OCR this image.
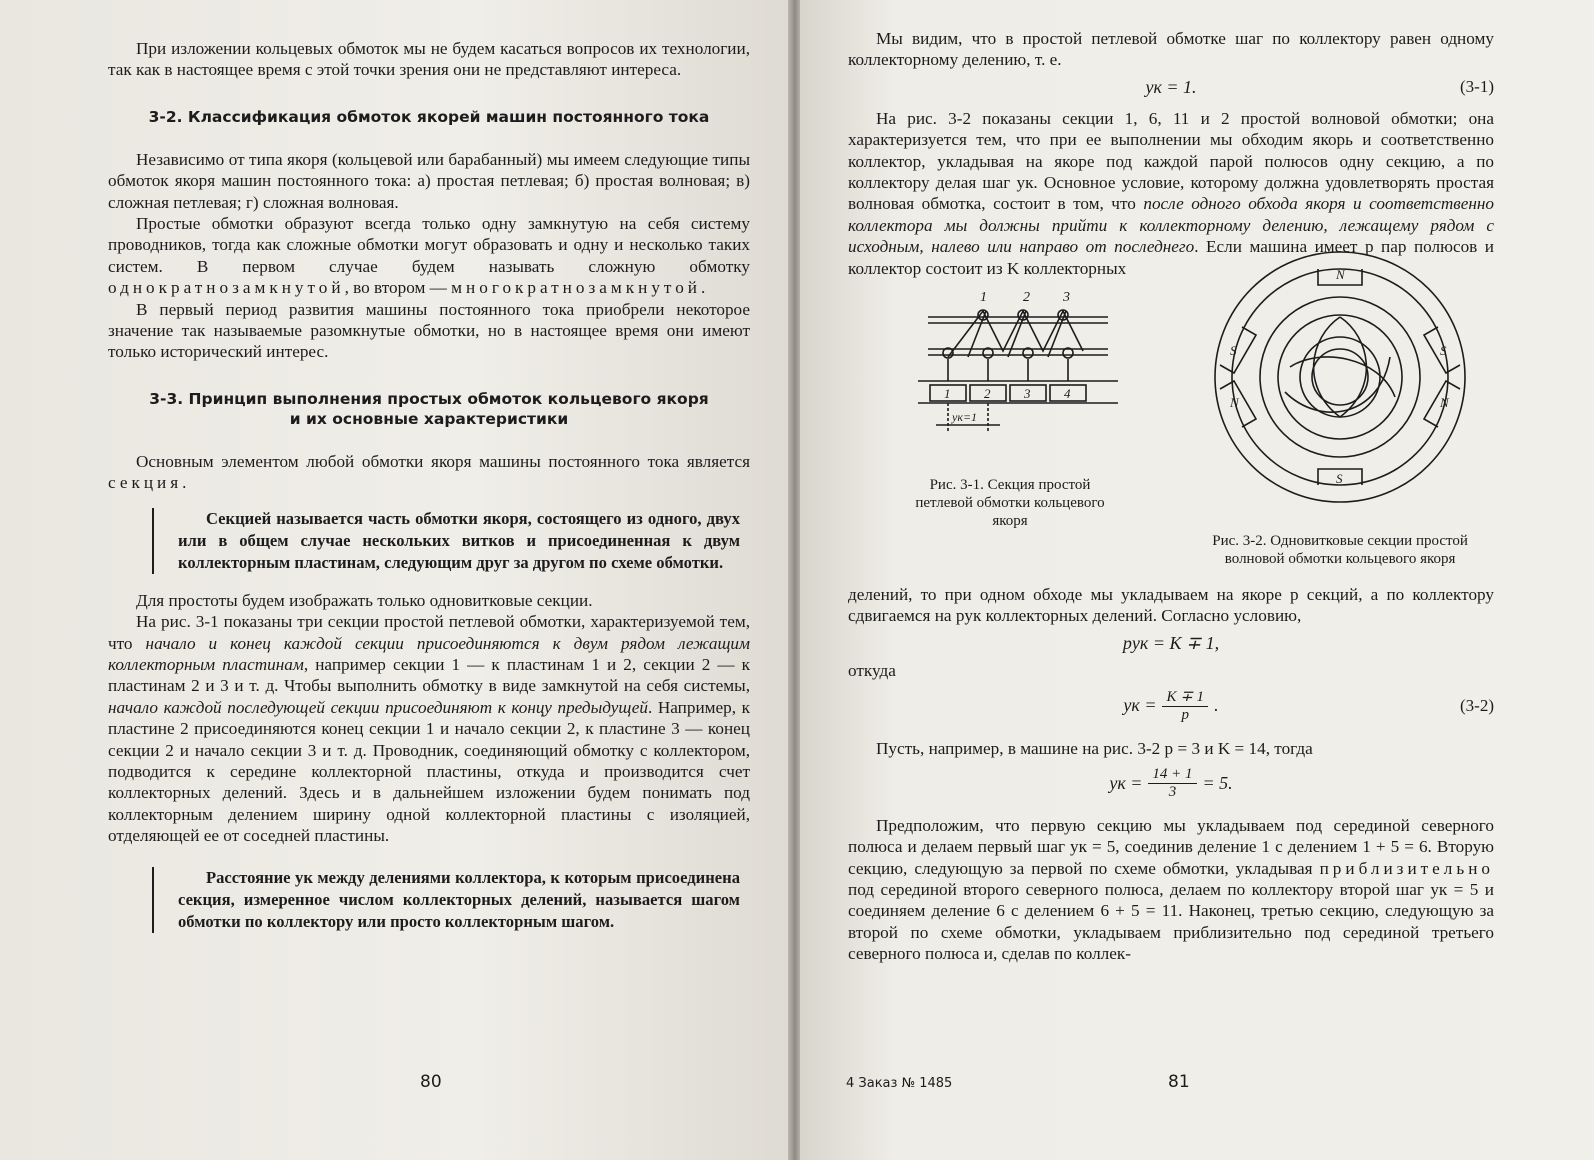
При изложении кольцевых обмоток мы не будем касаться вопросов их технологии, так как в настоящее время с этой точки зрения они не представляют интереса.

3-2. Классификация обмоток якорей машин постоянного тока

Независимо от типа якоря (кольцевой или барабанный) мы имеем следующие типы обмоток якоря машин постоянного тока: а) простая петлевая; б) простая волновая; в) сложная петлевая; г) сложная волновая.

Простые обмотки образуют всегда только одну замкнутую на себя систему проводников, тогда как сложные обмотки могут образовать и одну и несколько таких систем. В первом случае будем называть сложную обмотку однократнозамкнутой, во втором — многократнозамкнутой.

В первый период развития машины постоянного тока приобрели некоторое значение так называемые разомкнутые обмотки, но в настоящее время они имеют только исторический интерес.

3-3. Принцип выполнения простых обмоток кольцевого якоря
и их основные характеристики

Основным элементом любой обмотки якоря машины постоянного тока является секция.

Секцией называется часть обмотки якоря, состоящего из одного, двух или в общем случае нескольких витков и присоединенная к двум коллекторным пластинам, следующим друг за другом по схеме обмотки.

Для простоты будем изображать только одновитковые секции.

На рис. 3-1 показаны три секции простой петлевой обмотки, характеризуемой тем, что начало и конец каждой секции присоединяются к двум рядом лежащим коллекторным пластинам, например секции 1 — к пластинам 1 и 2, секции 2 — к пластинам 2 и 3 и т. д. Чтобы выполнить обмотку в виде замкнутой на себя системы, начало каждой последующей секции присоединяют к концу предыдущей. Например, к пластине 2 присоединяются конец секции 1 и начало секции 2, к пластине 3 — конец секции 2 и начало секции 3 и т. д. Проводник, соединяющий обмотку с коллектором, подводится к середине коллекторной пластины, откуда и производится счет коллекторных делений. Здесь и в дальнейшем изложении будем понимать под коллекторным делением ширину одной коллекторной пластины с изоляцией, отделяющей ее от соседней пластины.

Расстояние yк между делениями коллектора, к которым присоединена секция, измеренное числом коллекторных делений, называется шагом обмотки по коллектору или просто коллекторным шагом.

80

Мы видим, что в простой петлевой обмотке шаг по коллектору равен одному коллекторному делению, т. е.

yк = 1.	(3-1)

На рис. 3-2 показаны секции 1, 6, 11 и 2 простой волновой обмотки; она характеризуется тем, что при ее выполнении мы обходим якорь и соответственно коллектор, укладывая на якоре под каждой парой полюсов одну секцию, а по коллектору делая шаг yк. Основное условие, которому должна удовлетворять простая волновая обмотка, состоит в том, что после одного обхода якоря и соответственно коллектора мы должны прийти к коллекторному делению, лежащему рядом с исходным, налево или направо от последнего. Если машина имеет p пар полюсов и коллектор состоит из K коллекторных

1	2 3
1	2	3	4
yк=1
Рис. 3-1. Секция простой петлевой обмотки кольцевого якоря
N
S	S
N	N
S
Рис. 3-2. Одновитковые секции простой волновой обмотки кольцевого якоря

делений, то при одном обходе мы укладываем на якоре p секций, а по коллектору сдвигаемся на pyк коллекторных делений. Согласно условию,

pyк = K ∓ 1,

откуда

yк = $\frac{K \mp 1}{p}$ .	(3-2)

Пусть, например, в машине на рис. 3-2 p = 3 и K = 14, тогда

yк = $\frac{14 + 1}{3} = 5$.

Предположим, что первую секцию мы укладываем под серединой северного полюса и делаем первый шаг yк = 5, соединив деление 1 с делением 1 + 5 = 6. Вторую секцию, следующую за первой по схеме обмотки, укладывая приблизительно под серединой второго северного полюса, делаем по коллектору второй шаг yк = 5 и соединяем деление 6 с делением 6 + 5 = 11. Наконец, третью секцию, следующую за второй по схеме обмотки, укладываем приблизительно под серединой третьего северного полюса и, сделав по коллек-

4 Заказ № 1485	81
